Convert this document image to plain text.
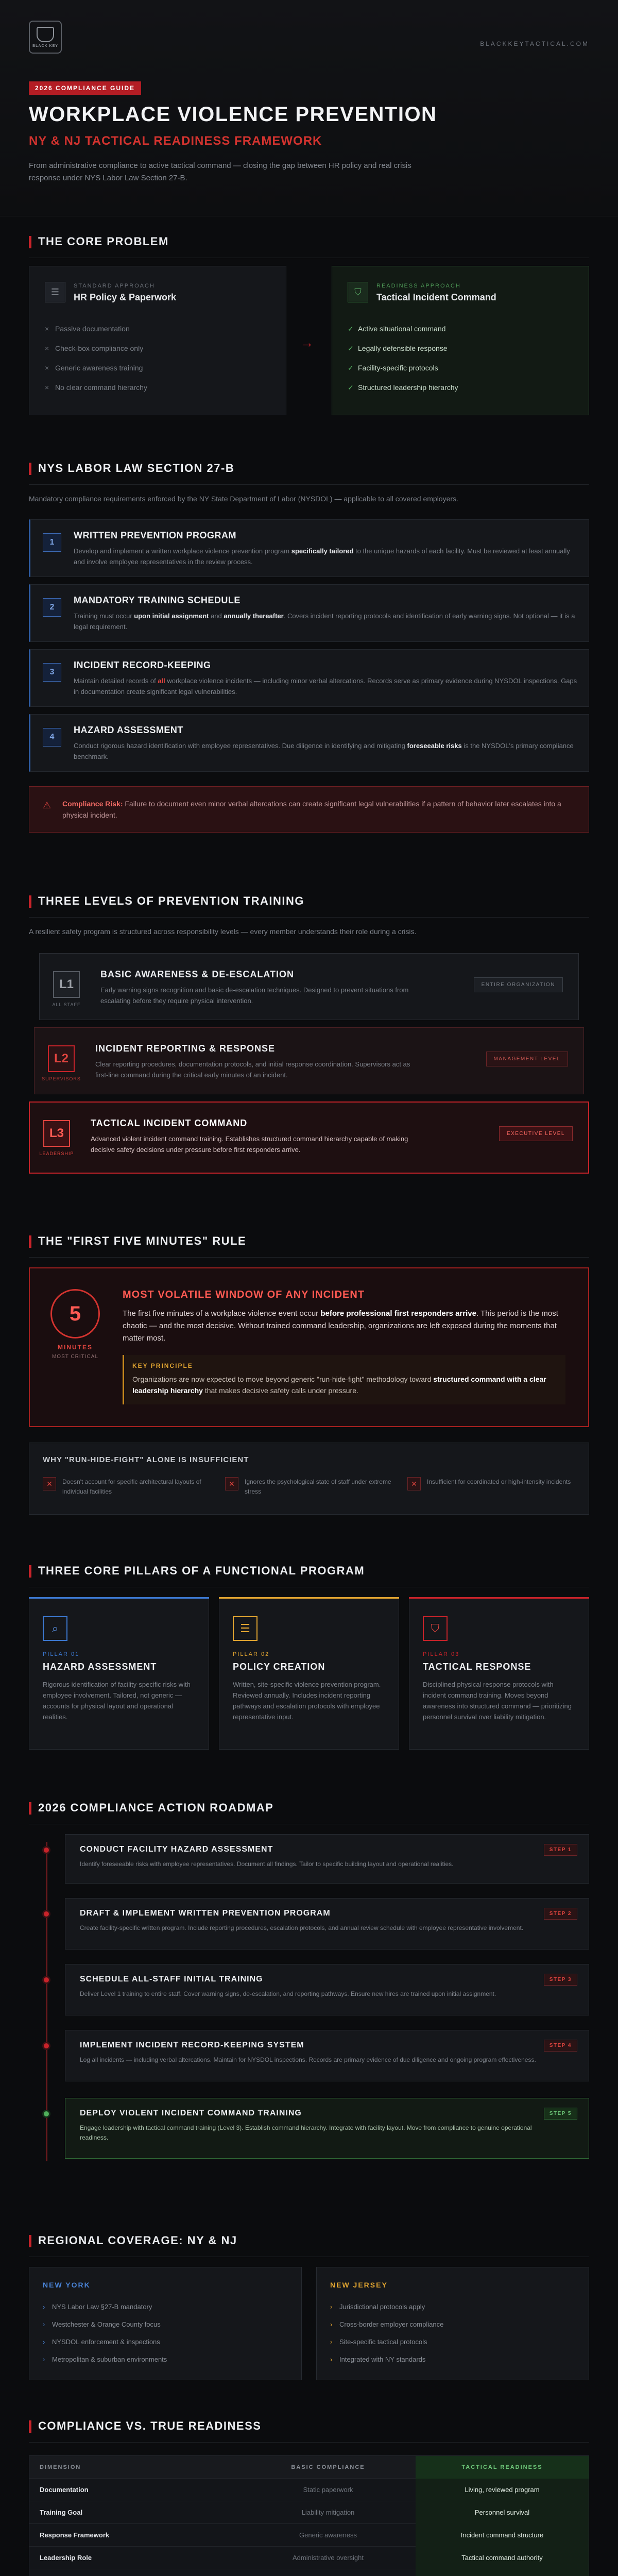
BLACK KEY	BLACKKEYTACTICAL.COM
2026 COMPLIANCE GUIDE
WORKPLACE VIOLENCE PREVENTION
NY & NJ TACTICAL READINESS FRAMEWORK
From administrative compliance to active tactical command — closing the gap between HR policy and real crisis response under NYS Labor Law Section 27-B.
THE CORE PROBLEM
☰
STANDARD APPROACH
HR Policy & Paperwork
× Passive documentation
× Check-box compliance only
× Generic awareness training
× No clear command hierarchy
→
⛉
READINESS APPROACH
Tactical Incident Command
✓ Active situational command
✓ Legally defensible response
✓ Facility-specific protocols
✓ Structured leadership hierarchy
NYS LABOR LAW SECTION 27-B
Mandatory compliance requirements enforced by the NY State Department of Labor (NYSDOL) — applicable to all covered employers.
1
WRITTEN PREVENTION PROGRAM
Develop and implement a written workplace violence prevention program specifically tailored to the unique hazards of each facility. Must be reviewed at least annually and involve employee representatives in the review process.
2
MANDATORY TRAINING SCHEDULE
Training must occur upon initial assignment and annually thereafter. Covers incident reporting protocols and identification of early warning signs. Not optional — it is a legal requirement.
3
INCIDENT RECORD-KEEPING
Maintain detailed records of all workplace violence incidents — including minor verbal altercations. Records serve as primary evidence during NYSDOL inspections. Gaps in documentation create significant legal vulnerabilities.
4
HAZARD ASSESSMENT
Conduct rigorous hazard identification with employee representatives. Due diligence in identifying and mitigating foreseeable risks is the NYSDOL's primary compliance benchmark.
⚠ Compliance Risk: Failure to document even minor verbal altercations can create significant legal vulnerabilities if a pattern of behavior later escalates into a physical incident.
THREE LEVELS OF PREVENTION TRAINING
A resilient safety program is structured across responsibility levels — every member understands their role during a crisis.
L1
ALL STAFF
BASIC AWARENESS & DE-ESCALATION
Early warning signs recognition and basic de-escalation techniques. Designed to prevent situations from escalating before they require physical intervention.
ENTIRE ORGANIZATION
L2
SUPERVISORS
INCIDENT REPORTING & RESPONSE
Clear reporting procedures, documentation protocols, and initial response coordination. Supervisors act as first-line command during the critical early minutes of an incident.
MANAGEMENT LEVEL
L3
LEADERSHIP
TACTICAL INCIDENT COMMAND
Advanced violent incident command training. Establishes structured command hierarchy capable of making decisive safety decisions under pressure before first responders arrive.
EXECUTIVE LEVEL
THE "FIRST FIVE MINUTES" RULE
5
MINUTES
MOST CRITICAL
MOST VOLATILE WINDOW OF ANY INCIDENT
The first five minutes of a workplace violence event occur before professional first responders arrive. This period is the most chaotic — and the most decisive. Without trained command leadership, organizations are left exposed during the moments that matter most.
KEY PRINCIPLE
Organizations are now expected to move beyond generic "run-hide-fight" methodology toward structured command with a clear leadership hierarchy that makes decisive safety calls under pressure.
WHY "RUN-HIDE-FIGHT" ALONE IS INSUFFICIENT
✕	Doesn't account for specific architectural layouts of individual facilities
✕	Ignores the psychological state of staff under extreme stress
✕	Insufficient for coordinated or high-intensity incidents
THREE CORE PILLARS OF A FUNCTIONAL PROGRAM
⌕
PILLAR 01
HAZARD ASSESSMENT
Rigorous identification of facility-specific risks with employee involvement. Tailored, not generic — accounts for physical layout and operational realities.
☰
PILLAR 02
POLICY CREATION
Written, site-specific violence prevention program. Reviewed annually. Includes incident reporting pathways and escalation protocols with employee representative input.
⛉
PILLAR 03
TACTICAL RESPONSE
Disciplined physical response protocols with incident command training. Moves beyond awareness into structured command — prioritizing personnel survival over liability mitigation.
2026 COMPLIANCE ACTION ROADMAP
CONDUCT FACILITY HAZARD ASSESSMENT
Identify foreseeable risks with employee representatives. Document all findings. Tailor to specific building layout and operational realities.
STEP 1
DRAFT & IMPLEMENT WRITTEN PREVENTION PROGRAM
Create facility-specific written program. Include reporting procedures, escalation protocols, and annual review schedule with employee representative involvement.
STEP 2
SCHEDULE ALL-STAFF INITIAL TRAINING
Deliver Level 1 training to entire staff. Cover warning signs, de-escalation, and reporting pathways. Ensure new hires are trained upon initial assignment.
STEP 3
IMPLEMENT INCIDENT RECORD-KEEPING SYSTEM
Log all incidents — including verbal altercations. Maintain for NYSDOL inspections. Records are primary evidence of due diligence and ongoing program effectiveness.
STEP 4
DEPLOY VIOLENT INCIDENT COMMAND TRAINING
Engage leadership with tactical command training (Level 3). Establish command hierarchy. Integrate with facility layout. Move from compliance to genuine operational readiness.
STEP 5
REGIONAL COVERAGE: NY & NJ
NEW YORK
› NYS Labor Law §27-B mandatory
› Westchester & Orange County focus
› NYSDOL enforcement & inspections
› Metropolitan & suburban environments
NEW JERSEY
› Jurisdictional protocols apply
› Cross-border employer compliance
› Site-specific tactical protocols
› Integrated with NY standards
COMPLIANCE VS. TRUE READINESS
DIMENSION	BASIC COMPLIANCE	TACTICAL READINESS
Documentation	Static paperwork	Living, reviewed program
Training Goal	Liability mitigation	Personnel survival
Response Framework	Generic awareness	Incident command structure
Leadership Role	Administrative oversight	Tactical command authority
